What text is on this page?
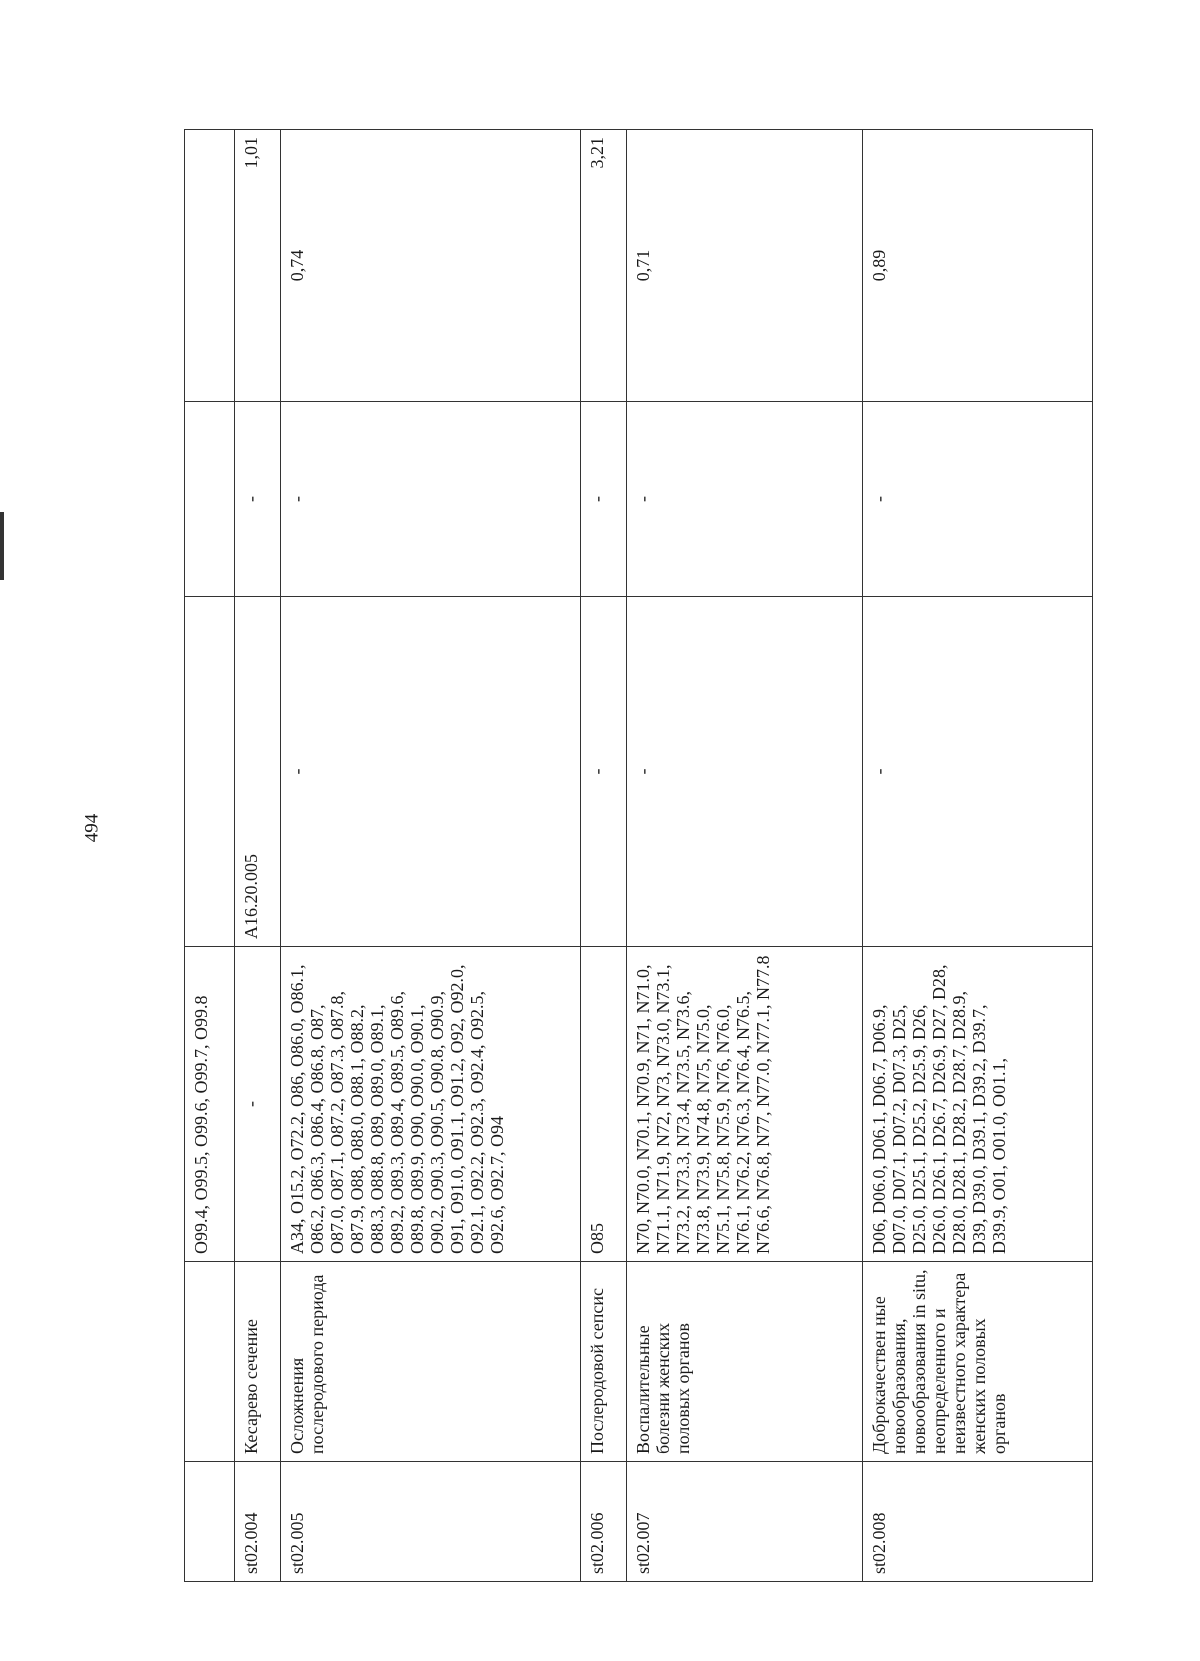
494
		O99.4, O99.5, O99.6, O99.7, O99.8			
st02.004	Кесарево сечение	-	A16.20.005	-	1,01
st02.005	Осложнения послеродового периода	A34, O15.2, O72.2, O86, O86.0, O86.1, O86.2, O86.3, O86.4, O86.8, O87, O87.0, O87.1, O87.2, O87.3, O87.8, O87.9, O88, O88.0, O88.1, O88.2, O88.3, O88.8, O89, O89.0, O89.1, O89.2, O89.3, O89.4, O89.5, O89.6, O89.8, O89.9, O90, O90.0, O90.1, O90.2, O90.3, O90.5, O90.8, O90.9, O91, O91.0, O91.1, O91.2, O92, O92.0, O92.1, O92.2, O92.3, O92.4, O92.5, O92.6, O92.7, O94	-	-	0,74
st02.006	Послеродовой сепсис	O85	-	-	3,21
st02.007	Воспалительные болезни женских половых органов	N70, N70.0, N70.1, N70.9, N71, N71.0, N71.1, N71.9, N72, N73, N73.0, N73.1, N73.2, N73.3, N73.4, N73.5, N73.6, N73.8, N73.9, N74.8, N75, N75.0, N75.1, N75.8, N75.9, N76, N76.0, N76.1, N76.2, N76.3, N76.4, N76.5, N76.6, N76.8, N77, N77.0, N77.1, N77.8	-	-	0,71
st02.008	Доброкачествен ные новообразования, новообразования in situ, неопределенного и неизвестного характера женских половых органов	D06, D06.0, D06.1, D06.7, D06.9, D07.0, D07.1, D07.2, D07.3, D25, D25.0, D25.1, D25.2, D25.9, D26, D26.0, D26.1, D26.7, D26.9, D27, D28, D28.0, D28.1, D28.2, D28.7, D28.9, D39, D39.0, D39.1, D39.2, D39.7, D39.9, O01, O01.0, O01.1,	-	-	0,89
